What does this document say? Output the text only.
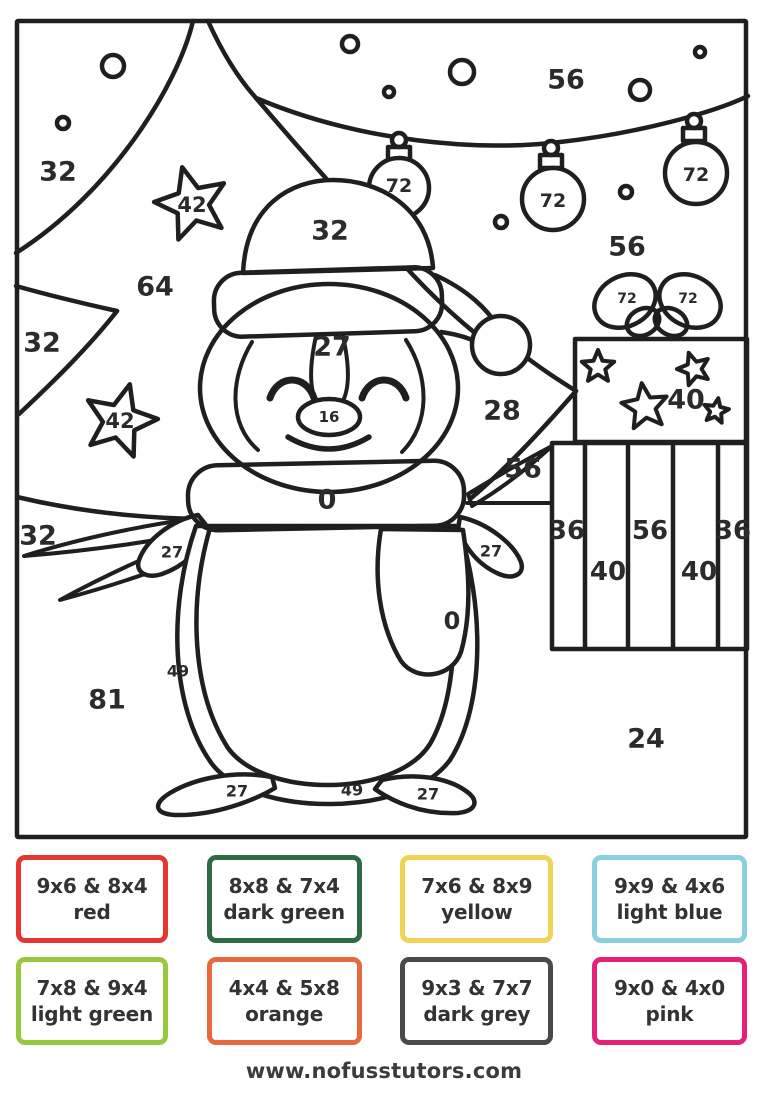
56
32
42
72
72
72
32
56
64	72	72
32	27
40
28
42	16
56
0
32	36 56 36
27	27
40 40
0
49
81
24
27	49	27
9x6 & 8x4
red
8x8 & 7x4
dark green
7x6 & 8x9
yellow
9x9 & 4x6
light blue
7x8 & 9x4
light green
4x4 & 5x8
orange
9x3 & 7x7
dark grey
9x0 & 4x0
pink
www.nofusstutors.com
